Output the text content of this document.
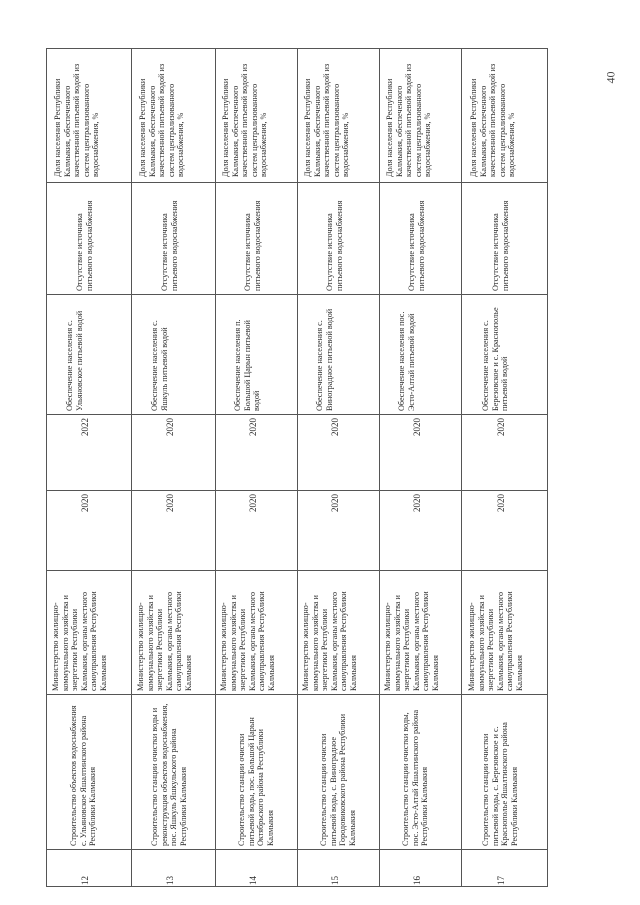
40
Доля населения Республики Калмыкия, обеспеченного качественной питьевой водой из систем централизованного водоснабжения, %
Отсутствие источника питьевого водоснабжения
Обеспечение населения с. Ульяновское питьевой водой
2022
2020
Министерство жилищно-коммунального хозяйства и энергетики Республики Калмыкия, органы местного самоуправления Республики Калмыкия
Строительство объектов водоснабжения с. Ульяновское Яшалтинского района Республики Калмыкия
12
Доля населения Республики Калмыкия, обеспеченного качественной питьевой водой из систем централизованного водоснабжения, %
Отсутствие источника питьевого водоснабжения
Обеспечение населения с. Яшкуль питьевой водой
2020
2020
Министерство жилищно-коммунального хозяйства и энергетики Республики Калмыкия, органы местного самоуправления Республики Калмыкия
Строительство станции очистки воды и реконструкция объектов водоснабжения, пос. Яшкуль Яшкульского района Республики Калмыкия
13
Доля населения Республики Калмыкия, обеспеченного качественной питьевой водой из систем централизованного водоснабжения, %
Отсутствие источника питьевого водоснабжения
Обеспечение населения п. Большой Царын питьевой водой
2020
2020
Министерство жилищно-коммунального хозяйства и энергетики Республики Калмыкия, органы местного самоуправления Республики Калмыкия
Строительство станции очистки питьевой воды, пос. Большой Царын Октябрьского района Республики Калмыкия
14
Доля населения Республики Калмыкия, обеспеченного качественной питьевой водой из систем централизованного водоснабжения, %
Отсутствие источника питьевого водоснабжения
Обеспечение населения с. Виноградное питьевой водой
2020
2020
Министерство жилищно-коммунального хозяйства и энергетики Республики Калмыкия, органы местного самоуправления Республики Калмыкия
Строительство станции очистки питьевой воды, с. Виноградное Городовиковского района Республики Калмыкия
15
Доля населения Республики Калмыкия, обеспеченного качественной питьевой водой из систем централизованного водоснабжения, %
Отсутствие источника питьевого водоснабжения
Обеспечение населения пос. Эсто-Алтай питьевой водой
2020
2020
Министерство жилищно-коммунального хозяйства и энергетики Республики Калмыкия, органы местного самоуправления Республики Калмыкия
Строительство станции очистки воды, пос. Эсто-Алтай Яшалтинского района Республики Калмыкия
16
Доля населения Республики Калмыкия, обеспеченного качественной питьевой водой из систем централизованного водоснабжения, %
Отсутствие источника питьевого водоснабжения
Обеспечение населения с. Березовское и с. Краснополье питьевой водой
2020
2020
Министерство жилищно-коммунального хозяйства и энергетики Республики Калмыкия, органы местного самоуправления Республики Калмыкия
Строительство станции очистки питьевой воды, с. Березовское и с. Краснополье Яшалтинского района Республики Калмыкия
17
